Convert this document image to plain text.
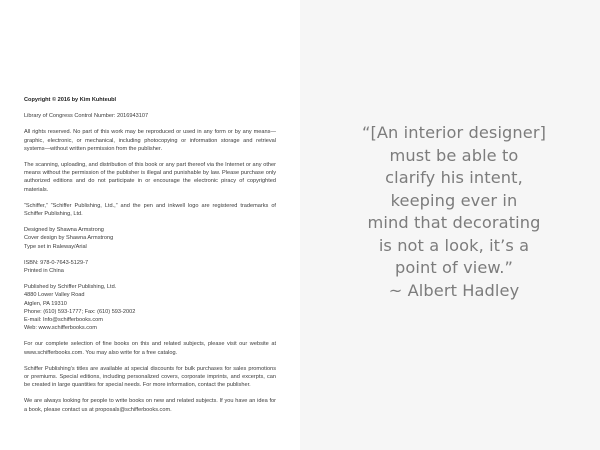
Copyright © 2016 by Kim Kuhteubl

Library of Congress Control Number: 2016943107

All rights reserved. No part of this work may be reproduced or used in any form or by any means—graphic, electronic, or mechanical, including photocopying or information storage and retrieval systems—without written permission from the publisher.

The scanning, uploading, and distribution of this book or any part thereof via the Internet or any other means without the permission of the publisher is illegal and punishable by law. Please purchase only authorized editions and do not participate in or encourage the electronic piracy of copyrighted materials.

“Schiffer,” “Schiffer Publishing, Ltd.,” and the pen and inkwell logo are registered trademarks of Schiffer Publishing, Ltd.

Designed by Shawna Armstrong
Cover design by Shawna Armstrong
Type set in Raleway/Arial

ISBN: 978-0-7643-5129-7
Printed in China

Published by Schiffer Publishing, Ltd.
4880 Lower Valley Road
Atglen, PA 19310
Phone: (610) 593-1777; Fax: (610) 593-2002
E-mail: Info@schifferbooks.com
Web: www.schifferbooks.com

For our complete selection of fine books on this and related subjects, please visit our website at www.schifferbooks.com. You may also write for a free catalog.

Schiffer Publishing’s titles are available at special discounts for bulk purchases for sales promotions or premiums. Special editions, including personalized covers, corporate imprints, and excerpts, can be created in large quantities for special needs. For more information, contact the publisher.

We are always looking for people to write books on new and related subjects. If you have an idea for a book, please contact us at proposals@schifferbooks.com.

“[An interior designer]
must be able to
clarify his intent,
keeping ever in
mind that decorating
is not a look, it’s a
point of view.”
~ Albert Hadley
